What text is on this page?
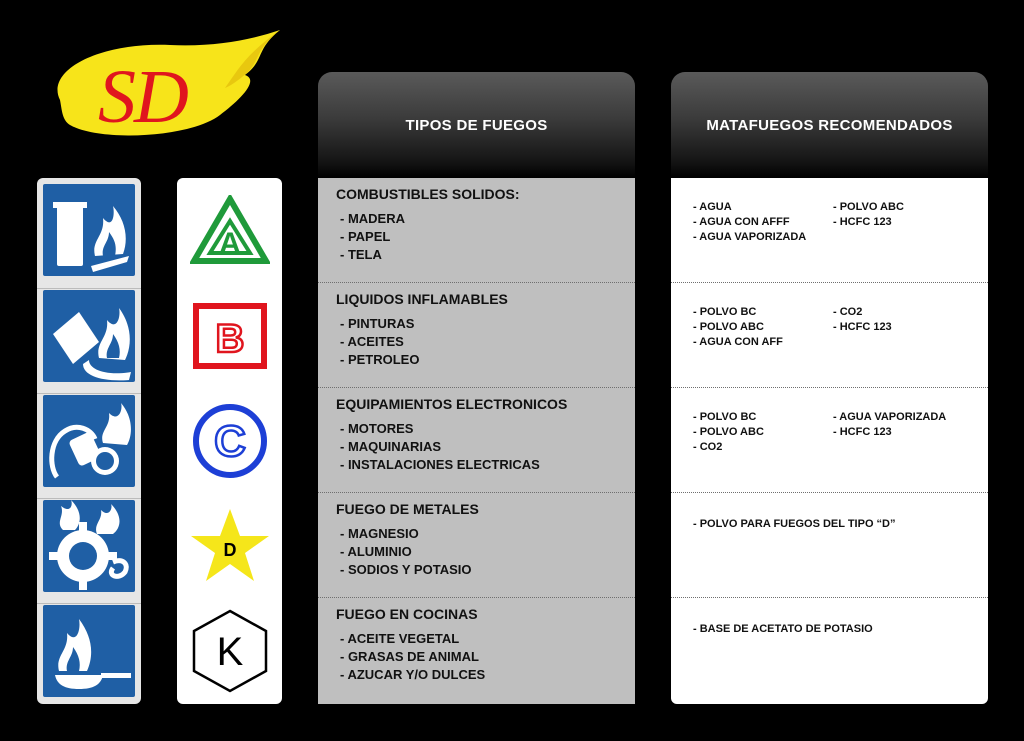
SD	TIPOS DE FUEGOS	MATAFUEGOS RECOMENDADOS
A
B
C
D
K
COMBUSTIBLES SOLIDOS:
- MADERA
- PAPEL
- TELA
LIQUIDOS INFLAMABLES
- PINTURAS
- ACEITES
- PETROLEO
EQUIPAMIENTOS ELECTRONICOS
- MOTORES
- MAQUINARIAS
- INSTALACIONES ELECTRICAS
FUEGO DE METALES
- MAGNESIO
- ALUMINIO
- SODIOS Y POTASIO
FUEGO EN COCINAS
- ACEITE VEGETAL
- GRASAS DE ANIMAL
- AZUCAR Y/O DULCES
- AGUA
- AGUA CON AFFF
- AGUA VAPORIZADA
- POLVO ABC
- HCFC 123
- POLVO BC
- POLVO ABC
- AGUA CON AFF
- CO2
- HCFC 123
- POLVO BC
- POLVO ABC
- CO2
- AGUA VAPORIZADA
- HCFC 123
- POLVO PARA FUEGOS DEL TIPO “D”
- BASE DE ACETATO DE POTASIO
